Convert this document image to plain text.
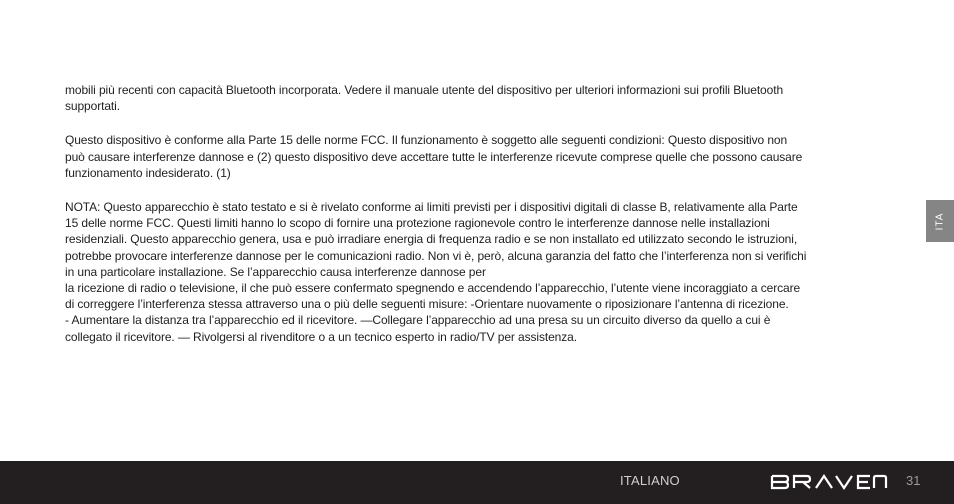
mobili più recenti con capacità Bluetooth incorporata. Vedere il manuale utente del dispositivo per ulteriori informazioni sui profili Bluetooth
supportati.

Questo dispositivo è conforme alla Parte 15 delle norme FCC. Il funzionamento è soggetto alle seguenti condizioni: Questo dispositivo non
può causare interferenze dannose e (2) questo dispositivo deve accettare tutte le interferenze ricevute comprese quelle che possono causare
funzionamento indesiderato. (1)

NOTA: Questo apparecchio è stato testato e si è rivelato conforme ai limiti previsti per i dispositivi digitali di classe B, relativamente alla Parte
15 delle norme FCC. Questi limiti hanno lo scopo di fornire una protezione ragionevole contro le interferenze dannose nelle installazioni
residenziali. Questo apparecchio genera, usa e può irradiare energia di frequenza radio e se non installato ed utilizzato secondo le istruzioni,
potrebbe provocare interferenze dannose per le comunicazioni radio. Non vi è, però, alcuna garanzia del fatto che l’interferenza non si verifichi
in una particolare installazione. Se l’apparecchio causa interferenze dannose per
la ricezione di radio o televisione, il che può essere confermato spegnendo e accendendo l’apparecchio, l’utente viene incoraggiato a cercare
di correggere l’interferenza stessa attraverso una o più delle seguenti misure: -Orientare nuovamente o riposizionare l’antenna di ricezione.
- Aumentare la distanza tra l’apparecchio ed il ricevitore. —Collegare l’apparecchio ad una presa su un circuito diverso da quello a cui è
collegato il ricevitore. — Rivolgersi al rivenditore o a un tecnico esperto in radio/TV per assistenza.

ITA
ITALIANO	31
